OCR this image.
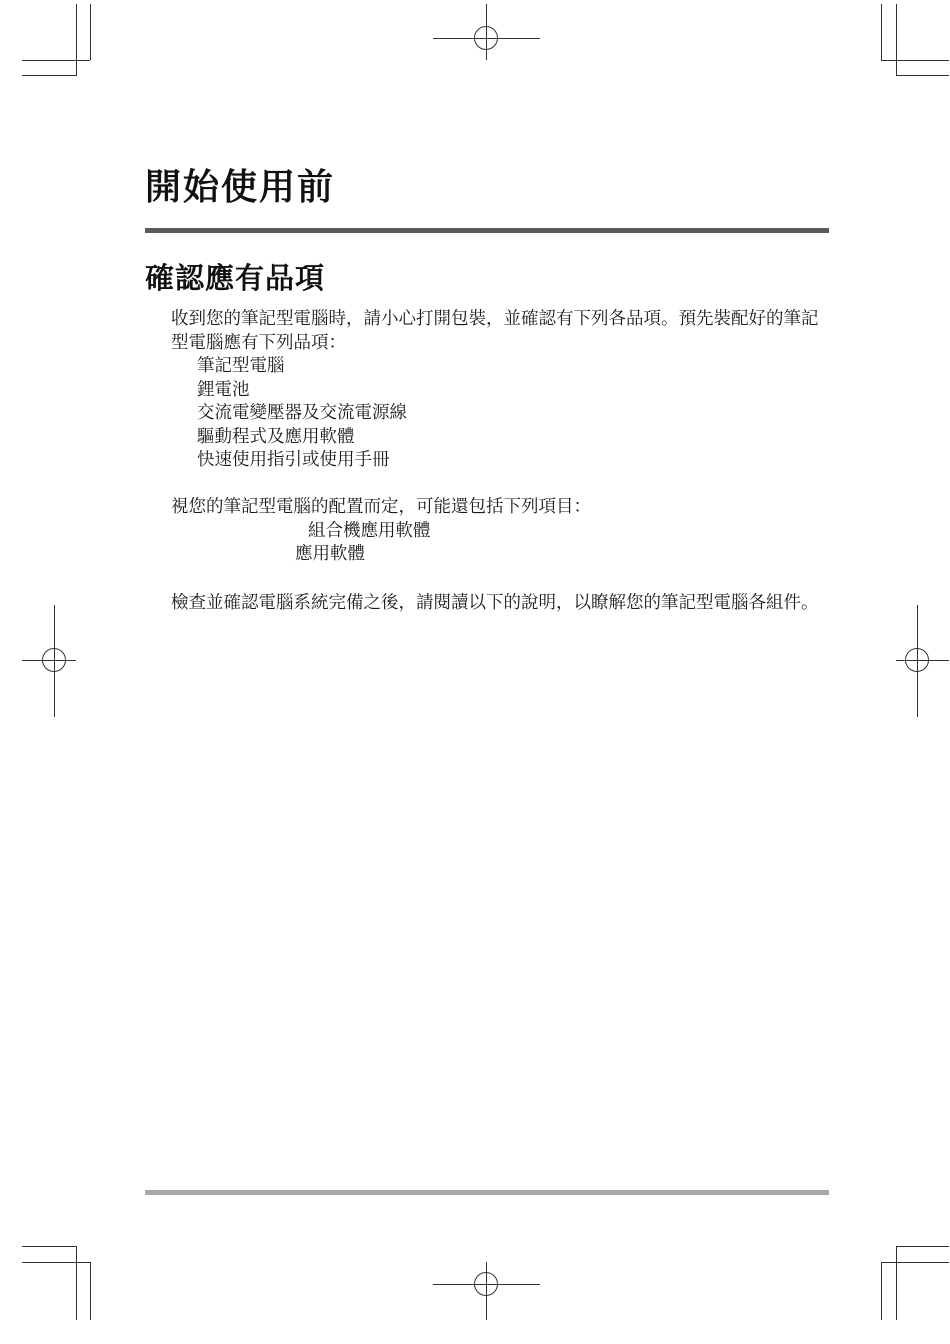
開始使用前
確認應有品項

收到您的筆記型電腦時，請小心打開包裝，並確認有下列各品項。預先裝配好的筆記型電腦應有下列品項：

筆記型電腦
鋰電池
交流電變壓器及交流電源線
驅動程式及應用軟體
快速使用指引或使用手冊

視您的筆記型電腦的配置而定，可能還包括下列項目：

組合機應用軟體

應用軟體

檢查並確認電腦系統完備之後，請閱讀以下的說明，以瞭解您的筆記型電腦各組件。
